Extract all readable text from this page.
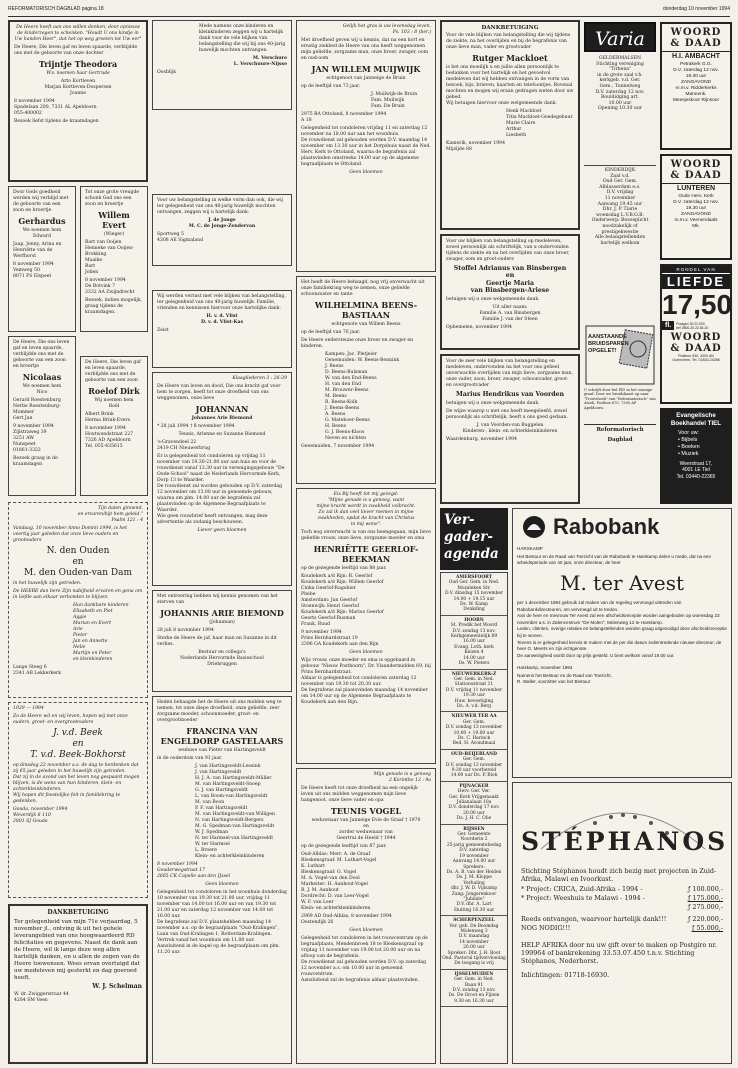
REFORMATORISCH DAGBLAD pagina 18	donderdag 10 november 1994

De Heere heeft aan ons willen denken, door opnieuw de kinderzegen te schenken. "Houdt U ons kindje in Uw handen Heer", dat het op weg groeien tot Uw eer"

De Heere, Die leven gaf en leven spaarde, verblijdde ons met de geboorte van onze dochter

Trijntje Theodora

W.v. noemen haar Gertrude

Arto Kortleven
Marjan Kortleven-Dospersen
Joanne

8 november 1994
Spadelaan 200, 7331 AL Apeldoorn
055-400002

Bezoek liefst tijdens de kraamdagen

Door Gods goedheid werden wij verblijd met de geboorte van een zoon en broertje

Gerhardus

We noemen hem
Edward

Jaap, Jenny, Arina en Henriëtte van de Werfhorst

8 november 1994
Vemweg 50
8071 PS Elspeet

Tot onze grote vreugde schonk God ons een zoon en broertje

Willem Evert

(Wieger)

Bart van Ooijen
Henneke van Ooijen-Brokking
Maaike
Bart
Jolien

8 november 1994
De Botvink 7
3332 AA Zwijndrecht

Bezoek, indien mogelijk, graag tijdens de kraamdagen.

De Heere, Die ons leven gaf en leven spaarde, verblijdde ons met de geboorte van een zoon en broertje

Nicolaas

We noemen hem
Nico

Gerard Roestenburg
Nettie Roestenburg-Mommer
Gert Jan

9 november 1994
Zijlstraweg 39
3251 AW
Nunspeet
01861-3322

Bezoek graag in de kraamdagen

De Heere, Die leven gaf en leven spaarde, verblijdde ons met de geboorte van een zoon

Roelof Dirk

Wij noemen hem
Roël

Albert Brink
Herma Brink-Evers

8 november 1994
Houtwandstraat 227
7326 AD Apeldoorn
Tel. 055-435615

Tijn dalen ginnend,
en ervaren/bijt hem geleid."
Psalm 121 : 4

Vandaag, 10 november Anno Domini 1994, is het veertig jaar geleden dat onze lieve ouders en grootouders

N. den Ouden
en
M. den Ouden-van Dam

in het huwelijk zijn getreden.

De HEERE dan bere Zijn nabijheid ervaren en gena om in liefde aan elkaar verbonden te blijven.

Hun dankbare kinderen
Elisabeth en Piet
Aggie
Marian en Evert
Arie
Pieter
Jan en Annette
Nelie
Martijn en Peter
en kleinkinderen

Lange Steeg 6
2341 AB Lekkerkerk

1929 — 1994

Zo de Heere wil en wij leven, hopen wij met onze ouders, groot- en overgrootouders

J. v.d. Beek
en
T. v.d. Beek-Bokhorst

op dinsdag 22 november a.s. de dag te herdenken dat zij 65 jaar geleden in het huwelijk zijn getreden.
Dat zij in de avond van het leven nog gespaard mogen blijven, is de wens van hun kinderen, klein- en achterkleinkinderen.
Wij hopen dit feestelijke feit in familiekring te gedenken.

Gouda, november 1994
Weverdijk 8 110
2801 SJ Gouda

DANKBETUIGING

Ter gelegenheid van mijn 71e verjaardag, 5 november jl., ontving ik uit het gehele leverangebied van ons hoogwaardeerd RD felicitaties en gegevens. Naast de dank aan de Heere, wil ik langs deze weg allen hartelijk danken, en u allen de zegen van de Heere toewensen. Wees ervan overtuigd dat uw medeleven mij gesterkt en dag goeroed heeft.

W. J. Schelman

W. dr. Zwiggerstraat 44
4284 SM Veen

Mede namens onze kinderen en kleinkinderen zeggen wij u hartelijk dank voor de vele blijken van belangstelling die wij bij ons 40-jarig huwelijk mochten ontvangen.

M. Verschure
L. Verschuure-Nijsse

Oosblijk

Voor uw belangstelling in welke vorm dan ook, die wij ter gelegenheid van ons 40-jarig huwelijk mochten ontvangen, zeggen wij u hartelijk dank.

J. de Jonge
M. C. de Jonge-Zendervan

Sportweg 5
4308 AE Sigmaland

Wij werden verrast met vele blijken van belangstelling, ter gelegenheid van ons 40-jarig huwelijk. Familie, vrienden en kennissen hiervoor onze hartelijke dank.

H. v. d. Vlist
D. v. d. Vlist-Kas

Zeist

Klaagliederen 3 : 26-29

De Heere van leven en dood, Die ons kracht gaf voor hem te zorgen, heeft tot onze droefheid van ons weggenomen, onze lieve

JOHANNAN

Johannes Arie Biemond

* 28 juli 1994 † 8 november 1994

Teunis, Arlenne en Suzanne Biemond

's-Gravendeel 22
2419 CH Nieuwerbrug

Er is gelegenheid tot condoleren op vrijdag 11 november van 19.30-21.00 uur aan huis en voor de rouwdienst vanaf 13.30 uur in verenigingsgebouw "De Oude-School" naast de Nederlands Hervormde Kerk, Dorp 13 te Waarder.
De rouwdienst zal worden gehouden op D.V. zaterdag 12 november om 13.00 uur in genoemde gebouw, waarna om plm. 14.00 uur de begrafenis zal plaatsvinden op de Algemene Begraafplaats te Waarder.
Wie geen rouwbrief heeft ontvangen, mag deze advertentie als zodanig beschouwen.

Liever geen bloemen

Met ontroering hebben wij kennis genomen van het sterven van

JOHANNIS ARIE BIEMOND

(Johannan)

28 juli 8 november 1994

Sterke de Heere de jaf, haar man en Suzanne in dit verlies.

Bestuur en collega's
Nederlands Hervormde Basisschool
Driebruggen

Heden behaagde het de Heere uit ons midden weg te nemen, tot onze diepe droefheid, onze geliefde, zeer zorgzame moeder, schoonmoeder, groot- en overgrootmoeder

FRANCINA VAN ENGELDORP GASTELAARS

weduwe van Pieter van Hartingsveldt

in de ouderdom van 91 jaar.

J. van Hartingsveldt-Lessink
J. van Hartingsveldt
H. J. A. van Hartingsveldt-Müller
M. van Hartingsveldt-Snoep
G. J. van Hartingsveldt
L. van Boom-van Hartingsveldt
M. van Boon
P. F. van Hartingsveldt
M. van Hartingsveldt-van Willigen
N. van Hartingsveldt-Bergers
M. G. Spedman-van Hartingsveldt
W. J. Spedman
N. ter Harmsel-van Hartingsveldt
W. ter Harmsel
L. Broere
Klein- en achterkleinkinderen

8 november 1994
Gouderwegstraat 17
2665 CK Capelle aan den IJssel

Geen bloemen

Gelegenheid tot condoleren in het woonhuis donderdag 10 november van 19.30 tot 21.00 uur, vrijdag 11 november van 14.00 tot 16.00 uur en van 19.30 tot 21.00 uur en zaterdag 12 november van 14.00 tot 16.00 uur.
De begrafenis zal D.V. plaatshebben maandag 14 november a.s. op de begraafplaats "Oud-Kralingen", Laan van Oud-Kralingen 1, Rotterdam-Kralingen.
Vertrek vanaf het woonhuis om 11.00 uur.
Aansluitend in de kapel op de begraafplaats om plm. 11.20 uur.

Gelijk het gras is uw levensdag leven.
Ps. 103 : 8 (ber.)

Met droefheid geven wij u kennis, dat na een kort en ernstig ziekbed de Heere van ons heeft weggenomen mijn geliefde, zorgzame man, onze broer, zwager, oom en oud-oom

JAN WILLEM MUIJWIJK

echtgenoot van Janneige de Bruin

op de leeftijd van 73 jaar.

J. Muilwijk-de Bruin
Fam. Muilwijk
Fam. De Bruin

2975 BA Ottoland, 8 november 1994
A 18

Gelegenheid tot condoleren vrijdag 11 en zaterdag 12 november na 18.00 uur aan het woonhuis.
De rouwdienst zal gehouden worden D.V. maandag 14 november om 13.30 uur in het Dorpshuis naast de Ned. Herv. Kerk te Ottoland, waarna de begrafenis zal plaatsvinden omstreeks 14.00 uur op de algemene begraafplaats te Ottoland.

Geen bloemen

Het heeft de Heere behaagd, nog vrij onverwacht uit onze familiekring weg te nemen, onze geliefde schoonzuster en tante

WILHELMINA BEENS-BASTIAAN

echtgenote van Willem Beens

op de leeftijd van 76 jaar.

De Heere ondersteune onze broer en zwager en kinderen.

Kampen: Jac. Pletjeier
Genemuiden: W. Beens-Bennink
J. Beens
D. Beens-Bulsman
W. van den End-Beens
H. van den End
M. Brouwer-Beens
M. Beens
B. Beens-Kolk
J. Beens-Beens
A. Beens
G. Mateboer-Beens
H. Beens
G. J. Beens-Kloos
Neven en nichten

Genemuiden, 7 november 1994

Eis Bij heeft tot mij gezegd:
"Mijne genade is u genoeg, want
mijne kracht wordt in zwakheid volbracht.
Zo zal ik dan veel liever roemen in mijne
zwakheden, opdat de kracht van Christus
in mij wone".

Toch nog onverwacht is van ons heengegaan, mijn lieve geliefde vrouw, onze lieve, zorgzame moeder en oma

HENRIËTTE GEERLOF-BEEKMAN

op de gezegende leeftijd van 88 jaar.

Koudekerk a/d Rijn: R. Geerlof
Koudekerk a/d Rijn: Willem Geerlof
Cinka Geerlof-Ragobier
Phebe
Amsterdam: Jan Geerlof
Stoenwijk: Henri Geerlof
Koudekerk a/d Rijn: Marius Geerlof
Geerts Geerlof-Rusman
Frank, Ruud

9 november 1994
Prins Bernhardstraat 19
2396 GA Koudekerk aan den Rijn

Geen bloemen

Wijs vrouw, onze moeder en oma is opgebaard in gebouw "Nieuw Posthoorn", Dr. Vlaandermidden 69, bij Prins Bernhardstraat.
Aldaar is gelegenheid tot condoleren zaterdag 12 november van 19.30 tot 20.30 uur.
De begrafenis zal plaatsvinden maandag 14 november om 14.00 uur op de Algemene Begraafplaats te Koudekerk aan den Rijn.

Mijn genade is u genoeg
2 Korinthe 12 : 9a

De Heere heeft tot onze droefheid na een ongelijk leven uit ons midden weggenomen mijn lieve hangenoot, onze lieve vader en opa

TEUNIS VOGEL

weduwnaar van Janneige Evie de Graaf † 1970
en
zorder weduwnaar van
Geertrui de Heeld † 1944

op de gezegende leeftijd van 87 jaar.

Oud-Alblas: Merr. A. de Graaf
Bleskensgraaf: M. Luthart-Vogel
K. Luthart
Bleskensgraaf: G. Vogel
M. A. Vogel-van den Dool
Markeiter: H. Aanhout-Vogel
B. J. M. Aanhout
Dordrecht: D. van Leer-Vogel
W. F. van Leer
Klein- en achterkleinkinderen

2969 AD Oud-Alblas, 8 november 1994
Oostendijk 26

Geen bloemen

Gelegenheid tot condoleren in het rouwcentrum op de begraafplaats, Mendenbroek 18 te Bleskensgraaf op vrijdag 11 november van 19.00 tot 20.00 uur en na afloop van de begrafenis.
De rouwdienst zal gehouden worden D.V. op zaterdag 12 november a.s. om 10.00 uur in genoemd rouwcentrum.
Aansluitend zal de begrafenis aldaar plaatsvinden.

DANKBETUIGING

Voor de vele blijken van belangstelling die wij tijdens de ziekte, na het overlijden en bij de begrafenis van onze lieve man, vader en grootvader

Rutger Mackloet

is het ons moeilijk u en jullie allen persoonlijk te bedanken voor het hartelijk en het gevoelvol medeleven dat wij hebben ontvangen in de vorm van bezoek, bijs, brieven, kaarten en telefoontjes. Bovenal mochten en mogen wij eraan gedragen weten door uw gebed.
Wij betuigen hiervoor onze welgemeende dank.

Henk Mackloet
Titia Mackloet-Goedegebuur
Marie Claire
Arthur
Liesbeth

Kamerik, november 1994
Mijzijde 88

Voor uw blijken van belangstelling op medeleven, zowel persoonlijk als schriftelijk, van u ondervonden tijdens de ziekte en na het overlijden van onze broer, zwager, oom en groot-ouders

Stoffel Adrianus van Binsbergen
en
Geertje Maria
van Binsbergen-Ariese

betuigen wij u onze welgemeende dank.

Uit aller naam:
Familie A. van Binsbergen
Familie J. van der Steen

Ophemelen, november 1994

Voor de zeer vele blijken van belangstelling en medeleven, ondervonden na het voor ons geheel onverwachte overlijden van mijn lieve, zorgzame man, onze vader, zoon, broer, zwager, schoonvader, groot- en overgrootvader

Marius Hendrikus van Voorden

betuigen wij u onze welgemeende dank.

De wijze waarop u met ons heeft meegeleefd, zowel persoonlijk als schriftelijk, heeft u ons goed gedaan.

J. van Voorden-van Buggelen
Kinderen-, klein- en achterkleinkinderen

Waardenburg, november 1994

Varia
GELDERMALSEN
Stichting vereniging
"Tirbena"
in de grote zaal v.h.
kerkgeb. v.d. Ger.
Gem., Tunnelweg
D.V. zaterdag 12 nov.
Bouldidging art.
10.00 uur
Opening 10.30 uur
KINDERDIJK
Zaal v.d.
Oud Ger. Gem.
Alblasserdam e.o.
D.V. vrijdag
11 november
Aanvang 19.45 uur
Dhr. J. P. Tiarie
woensdag L.V.B.G.B.
Onderwerp: Bezoeplicht
noodzakelijk of
prestigekwestie
Alle belangstellenden
hartelijk welkom
AANSTAANDE
BRUIDSPAREN
OPGELET!
U schrijft door hel PID in het zonnige graaf. Door uw bruidskaart op naar "Trouwhoek" van "Reformatorisch" van Atseli, Postbus 670, 7300 AP Apeldoorn.
Reformatorisch Dagblad
Ver-
gader-
agenda
AMERSFOORT
Oud Ger. Gem. in Ned. Mozaïeken Str.
D.V. dinsdag 15 november
14.00 + 19.15 uur
Ds. W. Kamp
Donkding
HOORN
St. Predik het Woord
D.V. zondag 13 nov.
Kerkgemeentelijk 89
16.00 uur
Evang. Loth. kerk
Keizen 4
14.00 uur
Ds. W. Pieters
NIEUWERKERK-Z
Ger. Gem. in Ned.
Stationsstraat 11
D.V. vrijdag 11 november
19.30 uur
Huw. bevestiging
Ds. A. v.d. Berg
NIEUWER TER AA
Ger. Gem.
D.V. zondag 13 november
10.00 + 19.00 uur
Ds. C. Harinck
Bed. H. Avondmaal
OUD-BEIJERLAND
Ger. Gem.
D.V. zondag 13 november
9.30 uur voorbereid
14.00 uur Ds. P. Blok
PIJNACKER
Herv. Ger. Ver.
Ger. Kerk Vrijgemaakt
Julianalaan 10a
D.V. donderdag 17 nov.
20.00 uur
Ds. J. H. C. Olie
RIJSSEN
Ger. Gemeente
Noorderin 2
25-jarig gemeenteliedag
D.V. zaterdag
19 november
Aanvang 14.00 uur
Sprekers:
Ds. A. B. van der Heiden
Ds. J. M. Kloppe
Verhaling
dhr. J. W. D. Vijlsamp
Zang: Jongerenkoor
"Jubilate"
D.V. dhr. A. Lart
Sluiting 16.30 uur
SCHERPENZEEL
Ver. geb. De Boomdag
Molenweg 3
D.V. maandag
14 november
20.00 uur
Spreker: Dhr. J. H. Boot
Ond. Pastoral tijdvervloeiing
De toegang is vrij
IJSSELMUIDEN
Ger. Gem. in Ned.
Baan 91
D.V. zondag 13 nov.
Ds. De Groot en Fijnen
9.30 en 16.30 uur
WOORD
& DAAD
H.I. AMBACHT
Petrakerk G.G.
D.V. zaterdag 12 nov.
19.30 uur
ZANGAVOND
m.m.v. Ridderkerks
Mannenk.
Meesjeskoor Rijnsoor
WOORD
& DAAD
LUNTEREN
Oude Herv. Kerk
D.V. zaterdag 12 nov.
19.30 uur
ZANGAVOND
m.m.v. Veenendaals
Mk.
RONDEL VAN
LIEFDE
17,50
fl.	Postgiro 30.22.000
bel 0800-20.22.84.20
WOORD
& DAAD
Postbus 930, 4200 AN
Gorinchem, Tel. 01830-24288
Evangelische Boekhandel TIEL
Voor uw:
• Bijbels
• Boeken
• Muziek
Weerstraat 17,
4001 LE Tiel
Tel. 03440-22365
Rabobank

HARSKAMP

Het Bestuur en de Raad van Toezicht van de Rabobank te Harskamp delen u mede, dat na een arbeidsperiode van 40 jaar, onze directeur, de heer

M. ter Avest

per 1 december 1994 gebruik zal maken van de regeling vervroegd uittreden van Rabobankdirecteuren, om vervroegd uit te treden.
Aan de heer en mevrouw Ter Avest zal een afscheidsreceptie worden aangeboden op woensdag 23 november a.s. in Zalencentrum "De Molen", Molenweg 12 te Harskamp.
Leden, cliënten, overige relaties en belangstellenden worden graag uitgenodigd deze afscheidsreceptie bij te wonen.
Tevens is er gelegenheid kennis te maken met de per die datum indientredende nieuwe directeur, de heer G. Meerts en zijn echtgenote.
De aanwezigheid wordt door op prijs gesteld. U bent welkom vanaf 19.00 uur.

Harskamp, november 1994

Namens het Bestuur en de Raad van Toezicht,
R. Waller, voorzitter van het Bestuur

STÉPHANOS

Stichting Stéphanos houdt zich bezig met projecten in Zuid-Afrika, Malawi en Ivoorkust.

* Project: CRICA, Zuid-Afrika - 1994 -	ƒ 100.000,-
* Project: Weeshuis te Malawi - 1994 -	ƒ 175.000,-
ƒ 275.000,-
Reeds ontvangen, waarvoor hartelijk dank!!!	ƒ 220.000,-
NOG NODIG!!!	ƒ 55.000,-

HELP AFRIKA door nu uw gift over te maken op Postgiro nr. 199964 of bankrekening 33.53.07.450 t.n.v. Stichting Stéphanos, Nederhorst.

Inlichtingen: 01718-16930.
